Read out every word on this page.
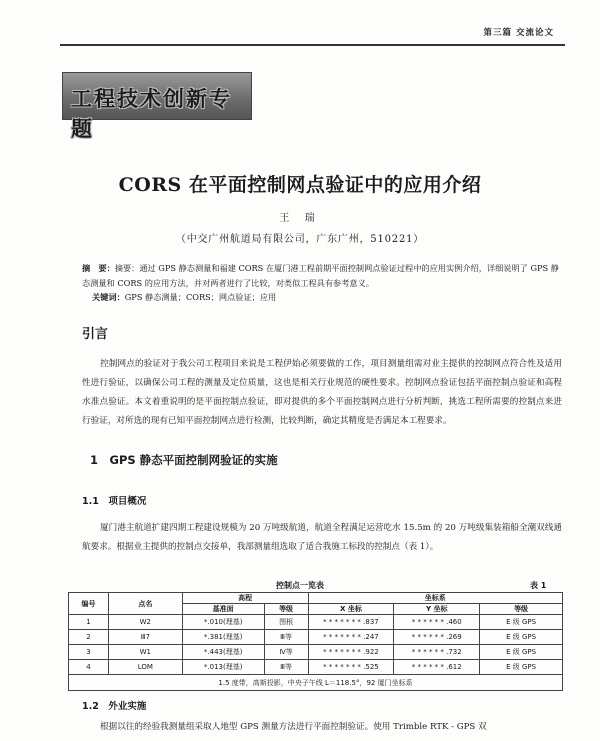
第三篇 交流论文
工程技术创新专题
CORS 在平面控制网点验证中的应用介绍
王 瑞
（中交广州航道局有限公司，广东广州，510221）
摘　要：摘要：通过 GPS 静态测量和福建 CORS 在厦门港工程前期平面控制网点验证过程中的应用实例介绍，详细说明了 GPS 静态测量和 CORS 的应用方法，并对两者进行了比较，对类似工程具有参考意义。
关键词：GPS 静态测量；CORS；网点验证；应用
引言
控制网点的验证对于我公司工程项目来说是工程伊始必须要做的工作，项目测量组需对业主提供的控制网点符合性及适用性进行验证，以确保公司工程的测量及定位质量，这也是相关行业规范的硬性要求。控制网点验证包括平面控制点验证和高程水准点验证。本文着重说明的是平面控制点验证，即对提供的多个平面控制网点进行分析判断，挑选工程所需要的控制点来进行验证，对所选的现有已知平面控制网点进行检测，比较判断，确定其精度是否满足本工程要求。
1　GPS 静态平面控制网验证的实施
1.1　项目概况
厦门港主航道扩建四期工程建设规模为 20 万吨级航道，航道全程满足运营吃水 15.5m 的 20 万吨级集装箱船全潮双线通航要求。根据业主提供的控制点交接单，我部测量组选取了适合我施工标段的控制点（表 1）。
控制点一览表	表 1
编号	点名	高程		坐标系		
		基准面	等级	X 坐标	Y 坐标	等级
1	W2	*.010(理基)	图根	* * * * * * * .837	* * * * * * .460	E 级 GPS
2	Ⅲ7	*.381(理基)	Ⅲ等	* * * * * * * .247	* * * * * * .269	E 级 GPS
3	W1	*.443(理基)	Ⅳ等	* * * * * * * .922	* * * * * * .732	E 级 GPS
4	LOM	*.013(理基)	Ⅲ等	* * * * * * * .525	* * * * * * .612	E 级 GPS
1.5 度带，高斯投影，中央子午线 L＝118.5°，92 厦门坐标系						
1.2　外业实施
根据以往的经验我测量组采取人地型 GPS 测量方法进行平面控制验证。使用 Trimble RTK - GPS 双
